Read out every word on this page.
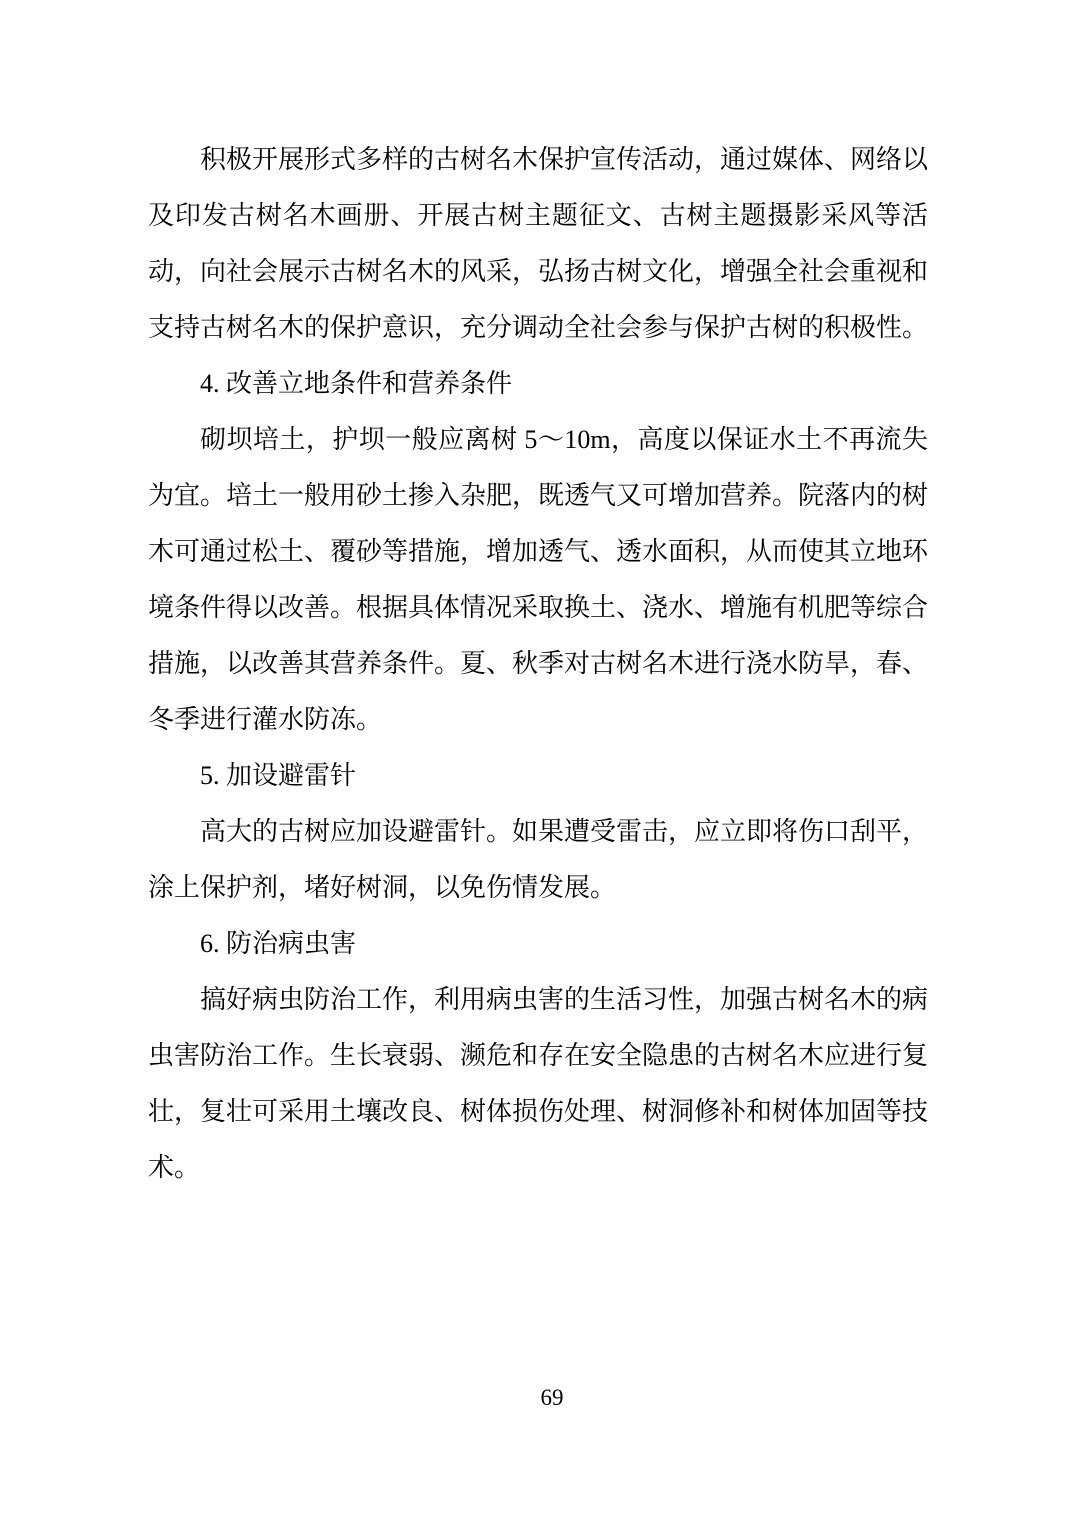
积极开展形式多样的古树名木保护宣传活动，通过媒体、网络以及印发古树名木画册、开展古树主题征文、古树主题摄影采风等活动，向社会展示古树名木的风采，弘扬古树文化，增强全社会重视和支持古树名木的保护意识，充分调动全社会参与保护古树的积极性。

4. 改善立地条件和营养条件

砌坝培土，护坝一般应离树 5～10m，高度以保证水土不再流失为宜。培土一般用砂土掺入杂肥，既透气又可增加营养。院落内的树木可通过松土、覆砂等措施，增加透气、透水面积，从而使其立地环境条件得以改善。根据具体情况采取换土、浇水、增施有机肥等综合措施，以改善其营养条件。夏、秋季对古树名木进行浇水防旱，春、冬季进行灌水防冻。

5. 加设避雷针

高大的古树应加设避雷针。如果遭受雷击，应立即将伤口刮平，涂上保护剂，堵好树洞，以免伤情发展。

6. 防治病虫害

搞好病虫防治工作，利用病虫害的生活习性，加强古树名木的病虫害防治工作。生长衰弱、濒危和存在安全隐患的古树名木应进行复壮，复壮可采用土壤改良、树体损伤处理、树洞修补和树体加固等技术。

69
